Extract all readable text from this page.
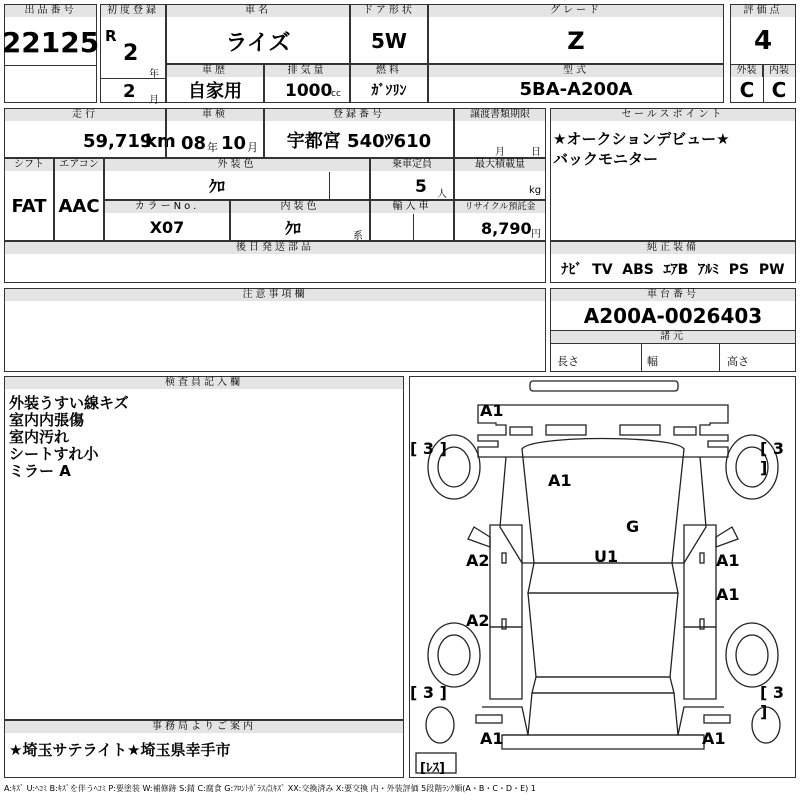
出品番号
22125
初度登録
R
2
年
2 月
車名
ライズ
ドア形状
5W
グレード
Z
評価点
4
外装	内装
C C
車歴
自家用
排気量
1000
cc
燃料
ｶﾞｿﾘﾝ
型式
5BA-A200A
走行
59,719
km
車検
08 年 10 月
登録番号
宇都宮 540ﾂ610
譲渡書類期限
月	日
セールスポイント
★オークションデビュー★
バックモニター
シフト
FAT
エアコン
AAC
外装色
ｸﾛ
乗車定員
5 人
最大積載量
kg
カラーNo.
X07
内装色
ｸﾛ	系
輸入車	リサイクル預託金
8,790 円
後日発送部品	純正装備
ﾅﾋﾞ  TV  ABS  ｴｱB  ｱﾙﾐ  PS  PW
注意事項欄	車台番号
A200A-0026403
諸元
長さ	幅	高さ
検査員記入欄
外装うすい線キズ
室内内張傷
室内汚れ
シートすれ小
ミラー A
事務局よりご案内
★埼玉サテライト★埼玉県幸手市
[ 3 ]	[ 3 ]
[ 3 ]	[ 3 ]
A1
A1
G
U1
A2
A2
A1
A1
A1	A1
[ﾚｽ]
A:ｷｽﾞ U:ﾍｺﾐ B:ｷｽﾞを伴うﾍｺﾐ P:要塗装 W:補修跡 S:錆 C:腐食 G:ﾌﾛﾝﾄｶﾞﾗｽ点ｷｽﾞ XX:交換済み X:要交換 内・外装評価 5段階ﾗﾝｸ順(A・B・C・D・E) 1
